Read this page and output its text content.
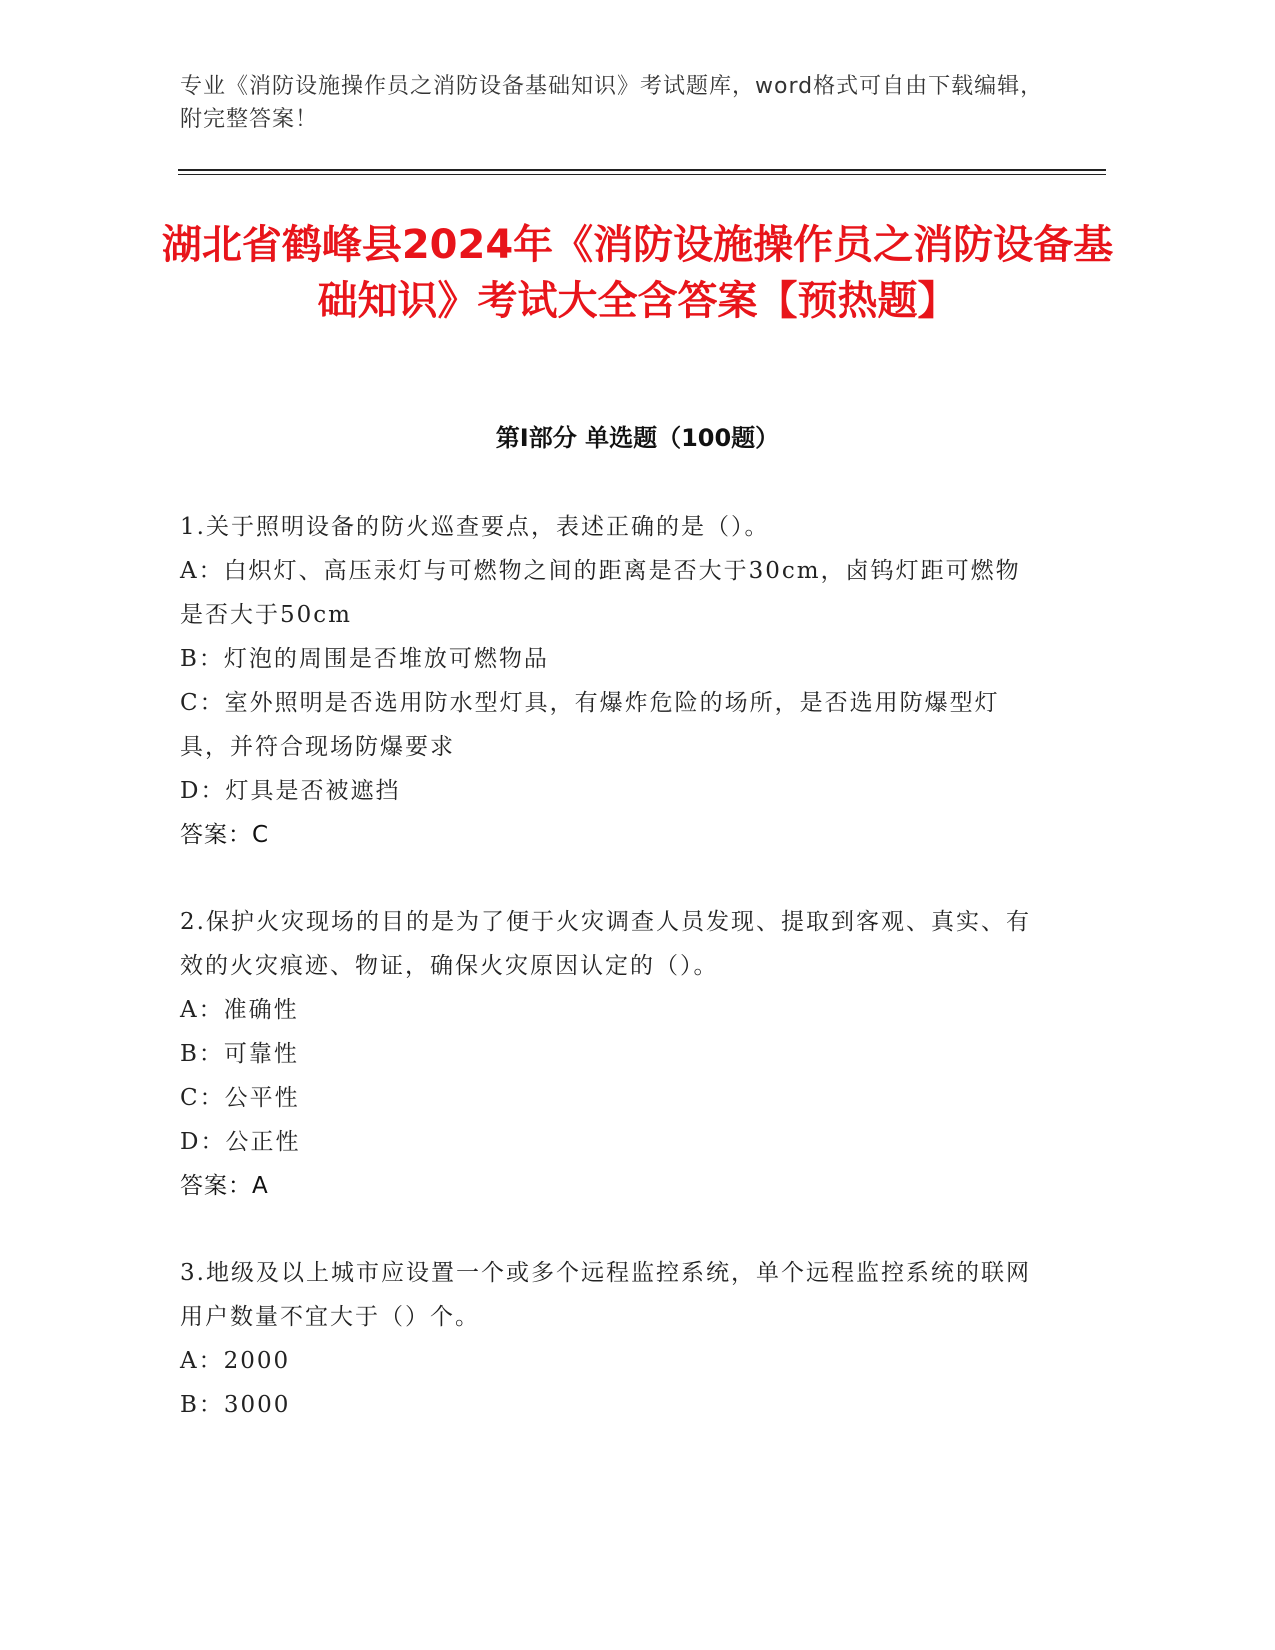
专业《消防设施操作员之消防设备基础知识》考试题库，word格式可自由下载编辑，附完整答案！
湖北省鹤峰县2024年《消防设施操作员之消防设备基础知识》考试大全含答案【预热题】
第Ⅰ部分 单选题（100题）
1.关于照明设备的防火巡查要点，表述正确的是（）。
A：白炽灯、高压汞灯与可燃物之间的距离是否大于30cm，卤钨灯距可燃物是否大于50cm
B：灯泡的周围是否堆放可燃物品
C：室外照明是否选用防水型灯具，有爆炸危险的场所，是否选用防爆型灯具，并符合现场防爆要求
D：灯具是否被遮挡
答案：C
2.保护火灾现场的目的是为了便于火灾调查人员发现、提取到客观、真实、有效的火灾痕迹、物证，确保火灾原因认定的（）。
A：准确性
B：可靠性
C：公平性
D：公正性
答案：A
3.地级及以上城市应设置一个或多个远程监控系统，单个远程监控系统的联网用户数量不宜大于（）个。
A：2000
B：3000
